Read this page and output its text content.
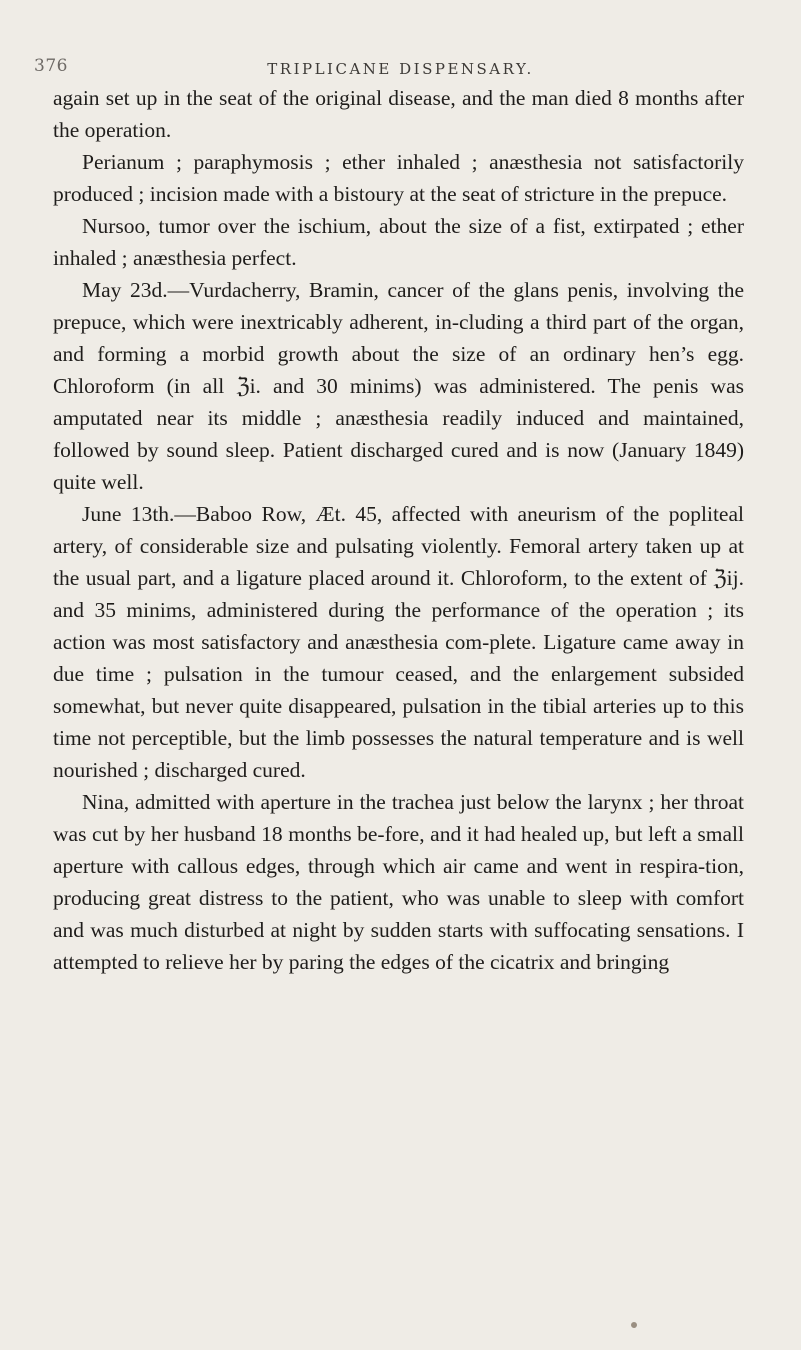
376	TRIPLICANE DISPENSARY.

again set up in the seat of the original disease, and the man died 8 months after the operation.

Perianum ; paraphymosis ; ether inhaled ; anæsthesia not satisfactorily produced ; incision made with a bistoury at the seat of stricture in the prepuce.

Nursoo, tumor over the ischium, about the size of a fist, extirpated ; ether inhaled ; anæsthesia perfect.

May 23d.—Vurdacherry, Bramin, cancer of the glans penis, involving the prepuce, which were inextricably adherent, in-cluding a third part of the organ, and forming a morbid growth about the size of an ordinary hen’s egg. Chloroform (in all ℨi. and 30 minims) was administered. The penis was amputated near its middle ; anæsthesia readily induced and maintained, followed by sound sleep. Patient discharged cured and is now (January 1849) quite well.

June 13th.—Baboo Row, Æt. 45, affected with aneurism of the popliteal artery, of considerable size and pulsating violently. Femoral artery taken up at the usual part, and a ligature placed around it. Chloroform, to the extent of ℨij. and 35 minims, administered during the performance of the operation ; its action was most satisfactory and anæsthesia com-plete. Ligature came away in due time ; pulsation in the tumour ceased, and the enlargement subsided somewhat, but never quite disappeared, pulsation in the tibial arteries up to this time not perceptible, but the limb possesses the natural temperature and is well nourished ; discharged cured.

Nina, admitted with aperture in the trachea just below the larynx ; her throat was cut by her husband 18 months be-fore, and it had healed up, but left a small aperture with callous edges, through which air came and went in respira-tion, producing great distress to the patient, who was unable to sleep with comfort and was much disturbed at night by sudden starts with suffocating sensations. I attempted to relieve her by paring the edges of the cicatrix and bringing
